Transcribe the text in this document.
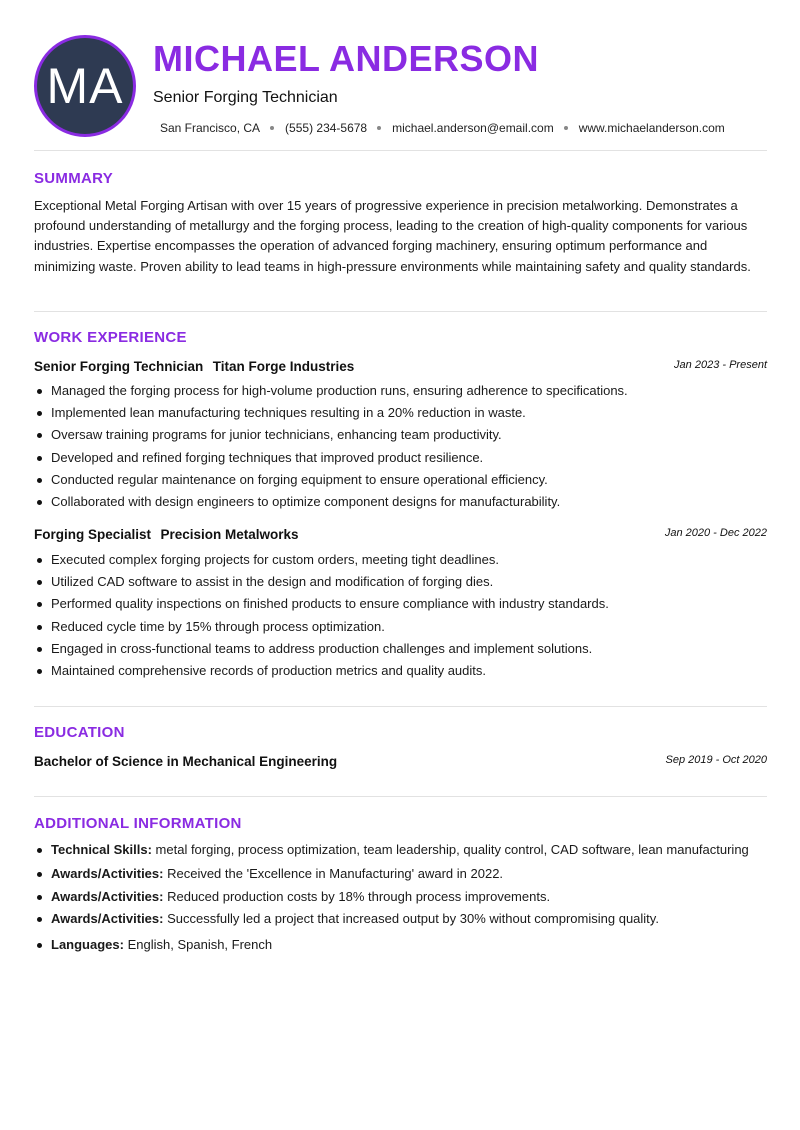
MA MICHAEL ANDERSON
Senior Forging Technician
San Francisco, CA (555) 234-5678 michael.anderson@email.com www.michaelanderson.com
SUMMARY
Exceptional Metal Forging Artisan with over 15 years of progressive experience in precision metalworking. Demonstrates a profound understanding of metallurgy and the forging process, leading to the creation of high-quality components for various industries. Expertise encompasses the operation of advanced forging machinery, ensuring optimum performance and minimizing waste. Proven ability to lead teams in high-pressure environments while maintaining safety and quality standards.
WORK EXPERIENCE
Senior Forging Technician Titan Forge Industries	Jan 2023 - Present
Managed the forging process for high-volume production runs, ensuring adherence to specifications.
Implemented lean manufacturing techniques resulting in a 20% reduction in waste.
Oversaw training programs for junior technicians, enhancing team productivity.
Developed and refined forging techniques that improved product resilience.
Conducted regular maintenance on forging equipment to ensure operational efficiency.
Collaborated with design engineers to optimize component designs for manufacturability.
Forging Specialist Precision Metalworks	Jan 2020 - Dec 2022
Executed complex forging projects for custom orders, meeting tight deadlines.
Utilized CAD software to assist in the design and modification of forging dies.
Performed quality inspections on finished products to ensure compliance with industry standards.
Reduced cycle time by 15% through process optimization.
Engaged in cross-functional teams to address production challenges and implement solutions.
Maintained comprehensive records of production metrics and quality audits.
EDUCATION
Bachelor of Science in Mechanical Engineering	Sep 2019 - Oct 2020
ADDITIONAL INFORMATION
Technical Skills: metal forging, process optimization, team leadership, quality control, CAD software, lean manufacturing
Awards/Activities: Received the 'Excellence in Manufacturing' award in 2022.
Awards/Activities: Reduced production costs by 18% through process improvements.
Awards/Activities: Successfully led a project that increased output by 30% without compromising quality.
Languages: English, Spanish, French
